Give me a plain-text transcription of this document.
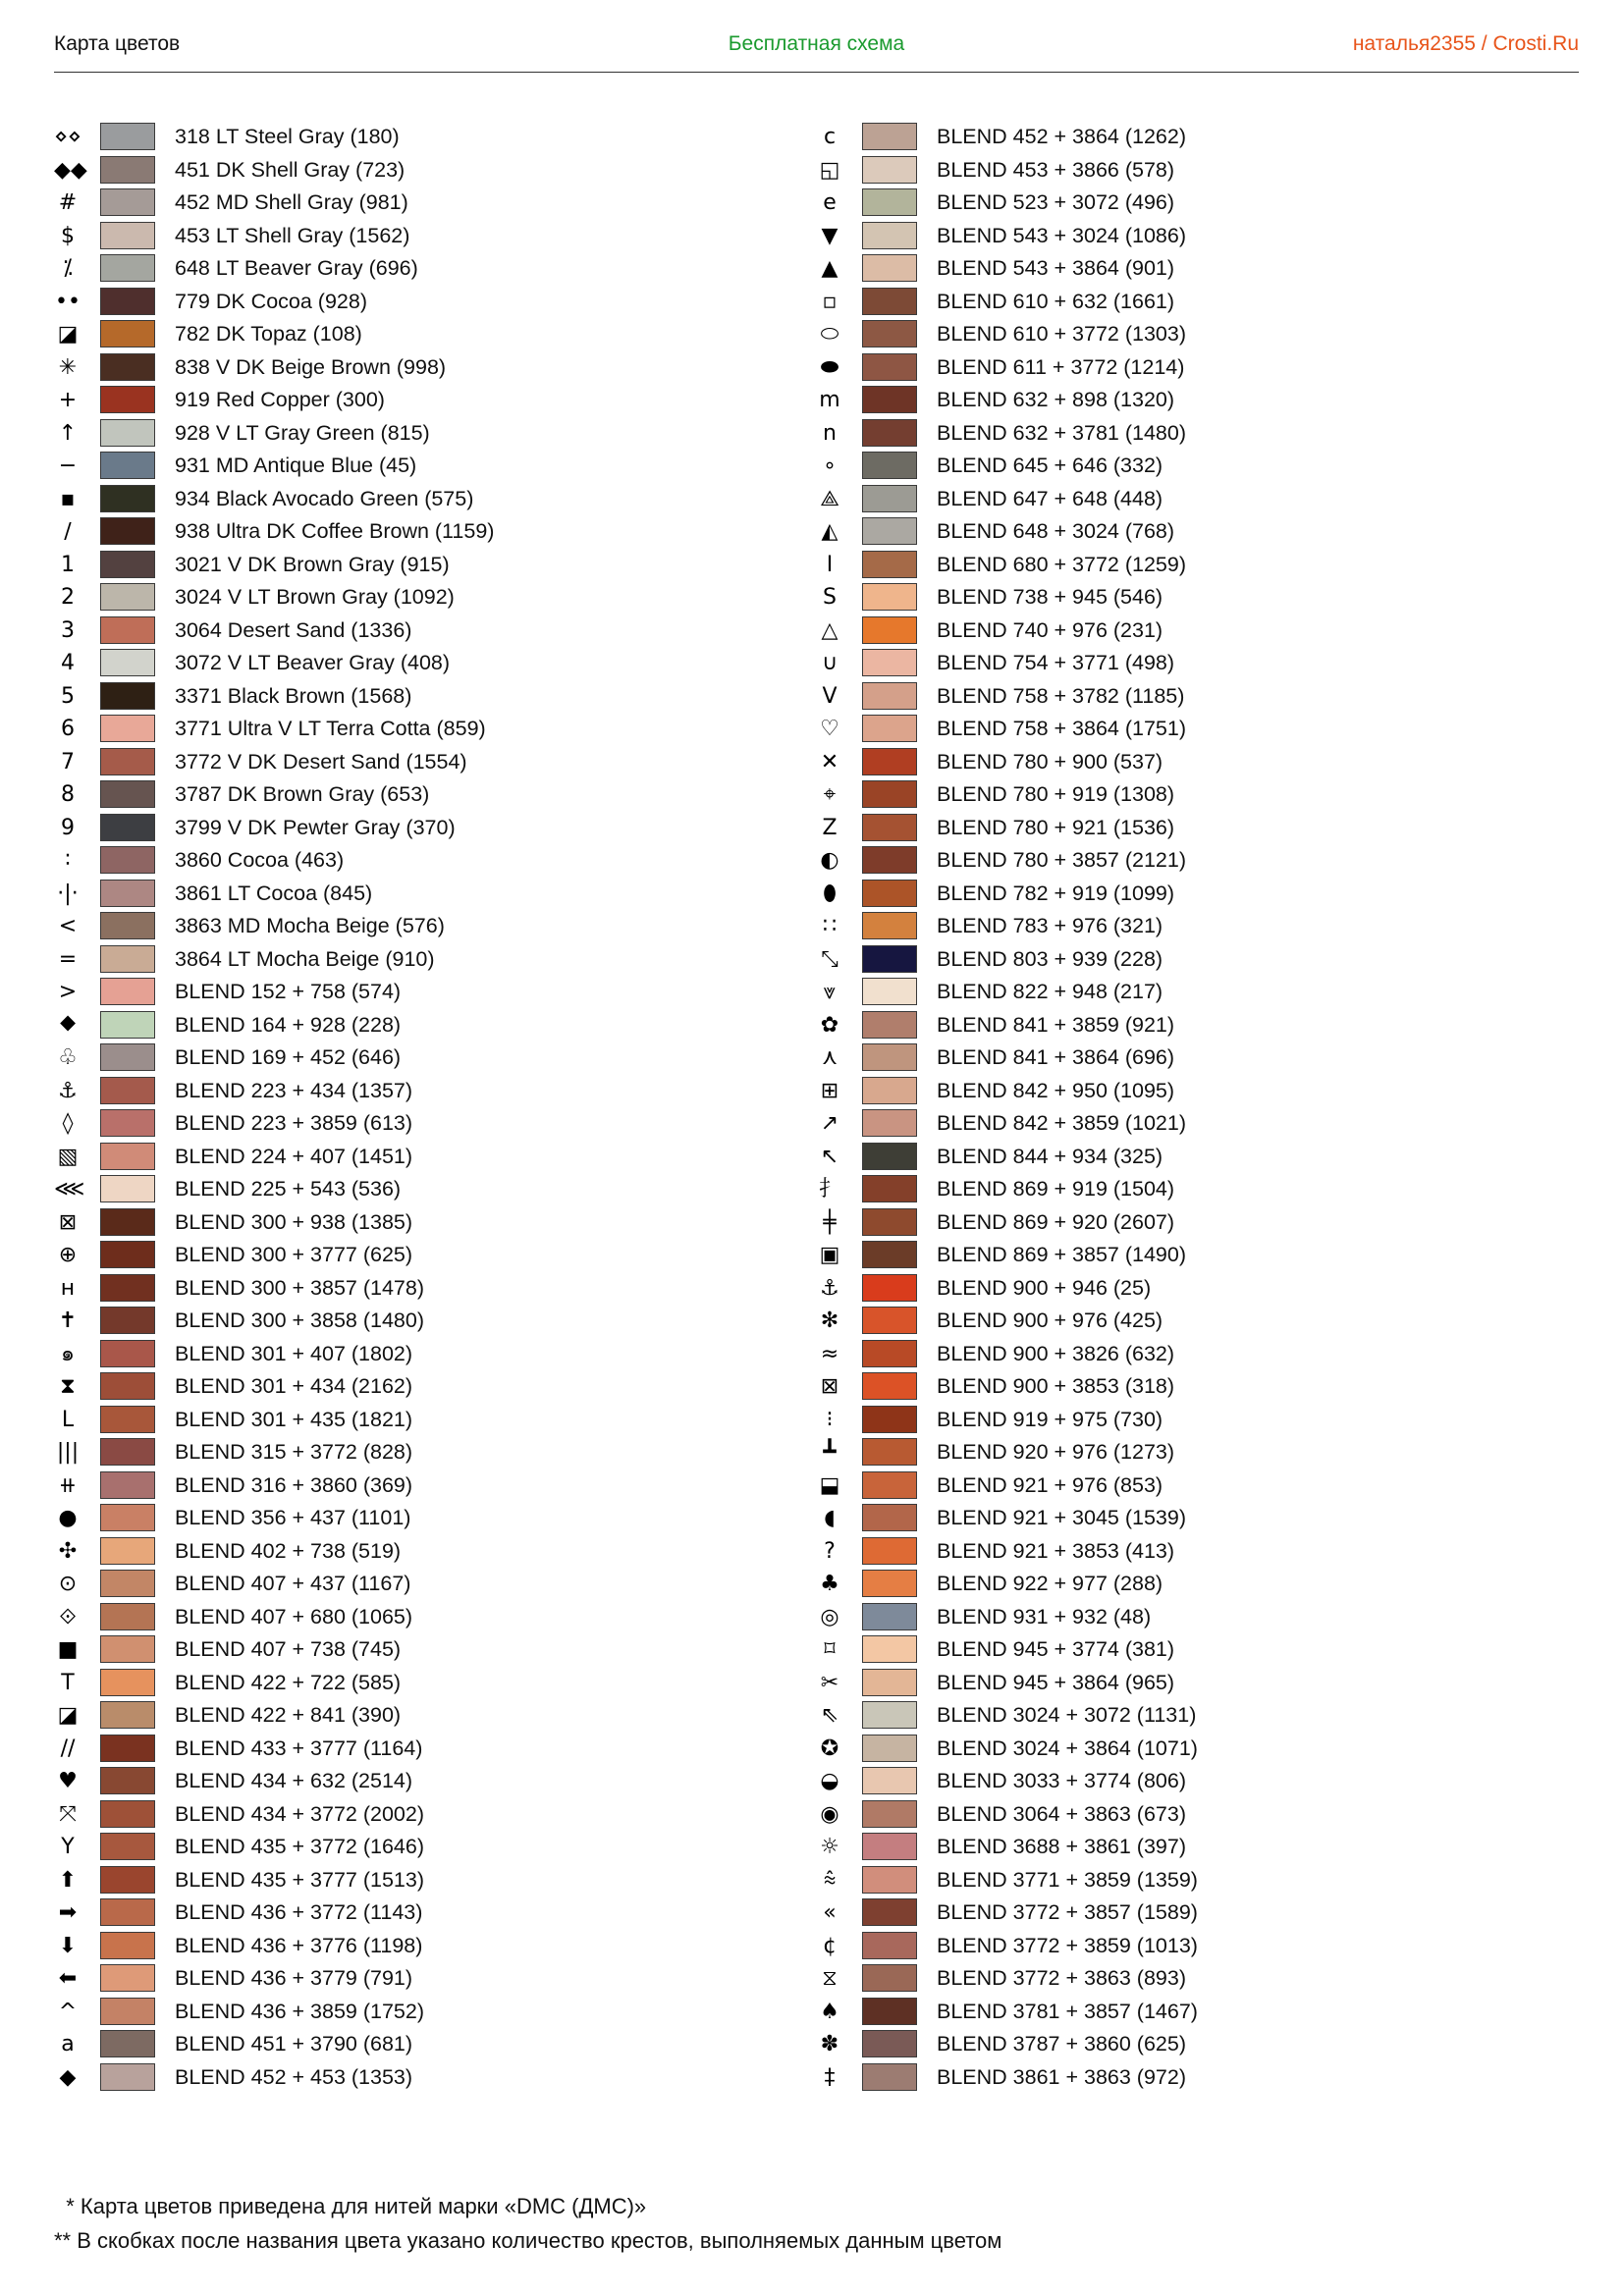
Карта цветов	Бесплатная схема	наталья2355 / Crosti.Ru
⋄⋄	318 LT Steel Gray (180)
◆◆	451 DK Shell Gray (723)
#	452 MD Shell Gray (981)
$	453 LT Shell Gray (1562)
⁒	648 LT Beaver Gray (696)
••	779 DK Cocoa (928)
◪	782 DK Topaz (108)
✳	838 V DK Beige Brown (998)
+	919 Red Copper (300)
↑	928 V LT Gray Green (815)
−	931 MD Antique Blue (45)
▪	934 Black Avocado Green (575)
∕	938 Ultra DK Coffee Brown (1159)
1	3021 V DK Brown Gray (915)
2	3024 V LT Brown Gray (1092)
3	3064 Desert Sand (1336)
4	3072 V LT Beaver Gray (408)
5	3371 Black Brown (1568)
6	3771 Ultra V LT Terra Cotta (859)
7	3772 V DK Desert Sand (1554)
8	3787 DK Brown Gray (653)
9	3799 V DK Pewter Gray (370)
∶	3860 Cocoa (463)
·|·	3861 LT Cocoa (845)
<	3863 MD Mocha Beige (576)
=	3864 LT Mocha Beige (910)
>	BLEND 152 + 758 (574)
⯁	BLEND 164 + 928 (228)
♧	BLEND 169 + 452 (646)
⚓	BLEND 223 + 434 (1357)
◊	BLEND 223 + 3859 (613)
▧	BLEND 224 + 407 (1451)
⋘	BLEND 225 + 543 (536)
⊠	BLEND 300 + 938 (1385)
⊕	BLEND 300 + 3777 (625)
ʜ	BLEND 300 + 3857 (1478)
✝	BLEND 300 + 3858 (1480)
๑	BLEND 301 + 407 (1802)
⧗	BLEND 301 + 434 (2162)
L	BLEND 301 + 435 (1821)
|||	BLEND 315 + 3772 (828)
⧺	BLEND 316 + 3860 (369)
●	BLEND 356 + 437 (1101)
✣	BLEND 402 + 738 (519)
⊙	BLEND 407 + 437 (1167)
⟐	BLEND 407 + 680 (1065)
■	BLEND 407 + 738 (745)
T	BLEND 422 + 722 (585)
◪	BLEND 422 + 841 (390)
//	BLEND 433 + 3777 (1164)
♥	BLEND 434 + 632 (2514)
⤧	BLEND 434 + 3772 (2002)
Y	BLEND 435 + 3772 (1646)
⬆	BLEND 435 + 3777 (1513)
➡	BLEND 436 + 3772 (1143)
⬇	BLEND 436 + 3776 (1198)
⬅	BLEND 436 + 3779 (791)
^	BLEND 436 + 3859 (1752)
a	BLEND 451 + 3790 (681)
◆	BLEND 452 + 453 (1353)
c	BLEND 452 + 3864 (1262)
◱	BLEND 453 + 3866 (578)
e	BLEND 523 + 3072 (496)
▼	BLEND 543 + 3024 (1086)
▲	BLEND 543 + 3864 (901)
▫	BLEND 610 + 632 (1661)
⬭	BLEND 610 + 3772 (1303)
⬬	BLEND 611 + 3772 (1214)
m	BLEND 632 + 898 (1320)
n	BLEND 632 + 3781 (1480)
∘	BLEND 645 + 646 (332)
⟁	BLEND 647 + 648 (448)
◭	BLEND 648 + 3024 (768)
I	BLEND 680 + 3772 (1259)
S	BLEND 738 + 945 (546)
△	BLEND 740 + 976 (231)
∪	BLEND 754 + 3771 (498)
V	BLEND 758 + 3782 (1185)
♡	BLEND 758 + 3864 (1751)
✕	BLEND 780 + 900 (537)
⌖	BLEND 780 + 919 (1308)
Z	BLEND 780 + 921 (1536)
◐	BLEND 780 + 3857 (2121)
⬮	BLEND 782 + 919 (1099)
∷	BLEND 783 + 976 (321)
⤡	BLEND 803 + 939 (228)
⩔	BLEND 822 + 948 (217)
✿	BLEND 841 + 3859 (921)
⋏	BLEND 841 + 3864 (696)
⊞	BLEND 842 + 950 (1095)
↗	BLEND 842 + 3859 (1021)
↖	BLEND 844 + 934 (325)
⺘	BLEND 869 + 919 (1504)
╪	BLEND 869 + 920 (2607)
▣	BLEND 869 + 3857 (1490)
⚓	BLEND 900 + 946 (25)
✻	BLEND 900 + 976 (425)
≈	BLEND 900 + 3826 (632)
⊠	BLEND 900 + 3853 (318)
⁝	BLEND 919 + 975 (730)
┻	BLEND 920 + 976 (1273)
⬓	BLEND 921 + 976 (853)
◖	BLEND 921 + 3045 (1539)
?	BLEND 921 + 3853 (413)
♣	BLEND 922 + 977 (288)
◎	BLEND 931 + 932 (48)
⌑	BLEND 945 + 3774 (381)
✂	BLEND 945 + 3864 (965)
⇖	BLEND 3024 + 3072 (1131)
✪	BLEND 3024 + 3864 (1071)
◒	BLEND 3033 + 3774 (806)
◉	BLEND 3064 + 3863 (673)
☼	BLEND 3688 + 3861 (397)
⩯	BLEND 3771 + 3859 (1359)
«	BLEND 3772 + 3857 (1589)
¢	BLEND 3772 + 3859 (1013)
⧖	BLEND 3772 + 3863 (893)
♠	BLEND 3781 + 3857 (1467)
✽	BLEND 3787 + 3860 (625)
‡	BLEND 3861 + 3863 (972)
* Карта цветов приведена для нитей марки «DMC (ДМС)»
** В скобках после названия цвета указано количество крестов, выполняемых данным цветом
